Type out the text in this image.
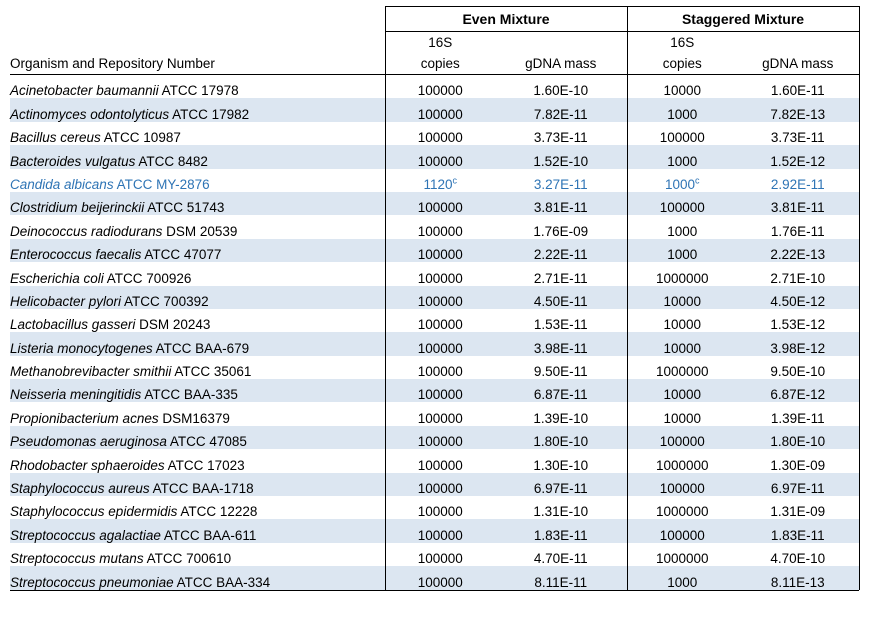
	Even Mixture		Staggered Mixture	
	16S		16S	
Organism and Repository Number	copies	gDNA mass	copies	gDNA mass
Acinetobacter baumannii ATCC 17978	100000	1.60E-10	10000	1.60E-11
Actinomyces odontolyticus ATCC 17982	100000	7.82E-11	1000	7.82E-13
Bacillus cereus ATCC 10987	100000	3.73E-11	100000	3.73E-11
Bacteroides vulgatus ATCC 8482	100000	1.52E-10	1000	1.52E-12
Candida albicans ATCC MY-2876	1120$^c$	3.27E-11	1000$^c$	2.92E-11
Clostridium beijerinckii ATCC 51743	100000	3.81E-11	100000	3.81E-11
Deinococcus radiodurans DSM 20539	100000	1.76E-09	1000	1.76E-11
Enterococcus faecalis ATCC 47077	100000	2.22E-11	1000	2.22E-13
Escherichia coli ATCC 700926	100000	2.71E-11	1000000	2.71E-10
Helicobacter pylori ATCC 700392	100000	4.50E-11	10000	4.50E-12
Lactobacillus gasseri DSM 20243	100000	1.53E-11	10000	1.53E-12
Listeria monocytogenes ATCC BAA-679	100000	3.98E-11	10000	3.98E-12
Methanobrevibacter smithii ATCC 35061	100000	9.50E-11	1000000	9.50E-10
Neisseria meningitidis ATCC BAA-335	100000	6.87E-11	10000	6.87E-12
Propionibacterium acnes DSM16379	100000	1.39E-10	10000	1.39E-11
Pseudomonas aeruginosa ATCC 47085	100000	1.80E-10	100000	1.80E-10
Rhodobacter sphaeroides ATCC 17023	100000	1.30E-10	1000000	1.30E-09
Staphylococcus aureus ATCC BAA-1718	100000	6.97E-11	100000	6.97E-11
Staphylococcus epidermidis ATCC 12228	100000	1.31E-10	1000000	1.31E-09
Streptococcus agalactiae ATCC BAA-611	100000	1.83E-11	100000	1.83E-11
Streptococcus mutans ATCC 700610	100000	4.70E-11	1000000	4.70E-10
Streptococcus pneumoniae ATCC BAA-334	100000	8.11E-11	1000	8.11E-13
